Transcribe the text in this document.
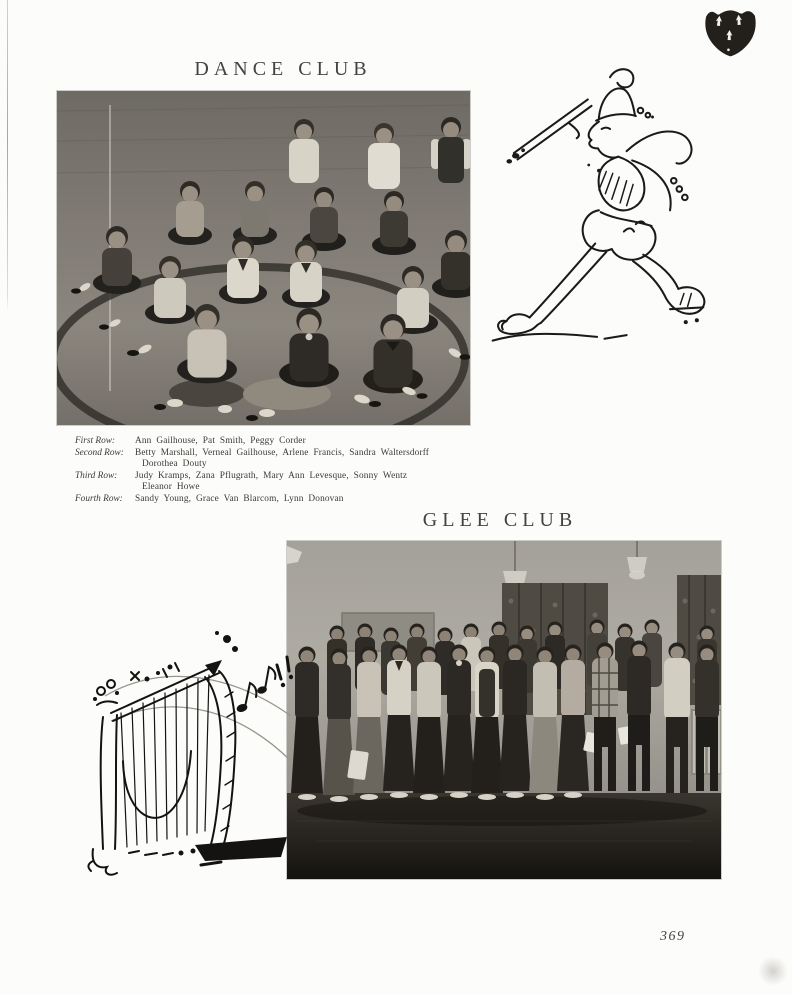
DANCE CLUB
First Row:	Ann Gailhouse, Pat Smith, Peggy Corder
Second Row:	Betty Marshall, Verneal Gailhouse, Arlene Francis, Sandra Waltersdorff
Dorothea Douty
Third Row:	Judy Kramps, Zana Pflugrath, Mary Ann Levesque, Sonny Wentz
Eleanor Howe
Fourth Row:	Sandy Young, Grace Van Blarcom, Lynn Donovan
GLEE CLUB
369
